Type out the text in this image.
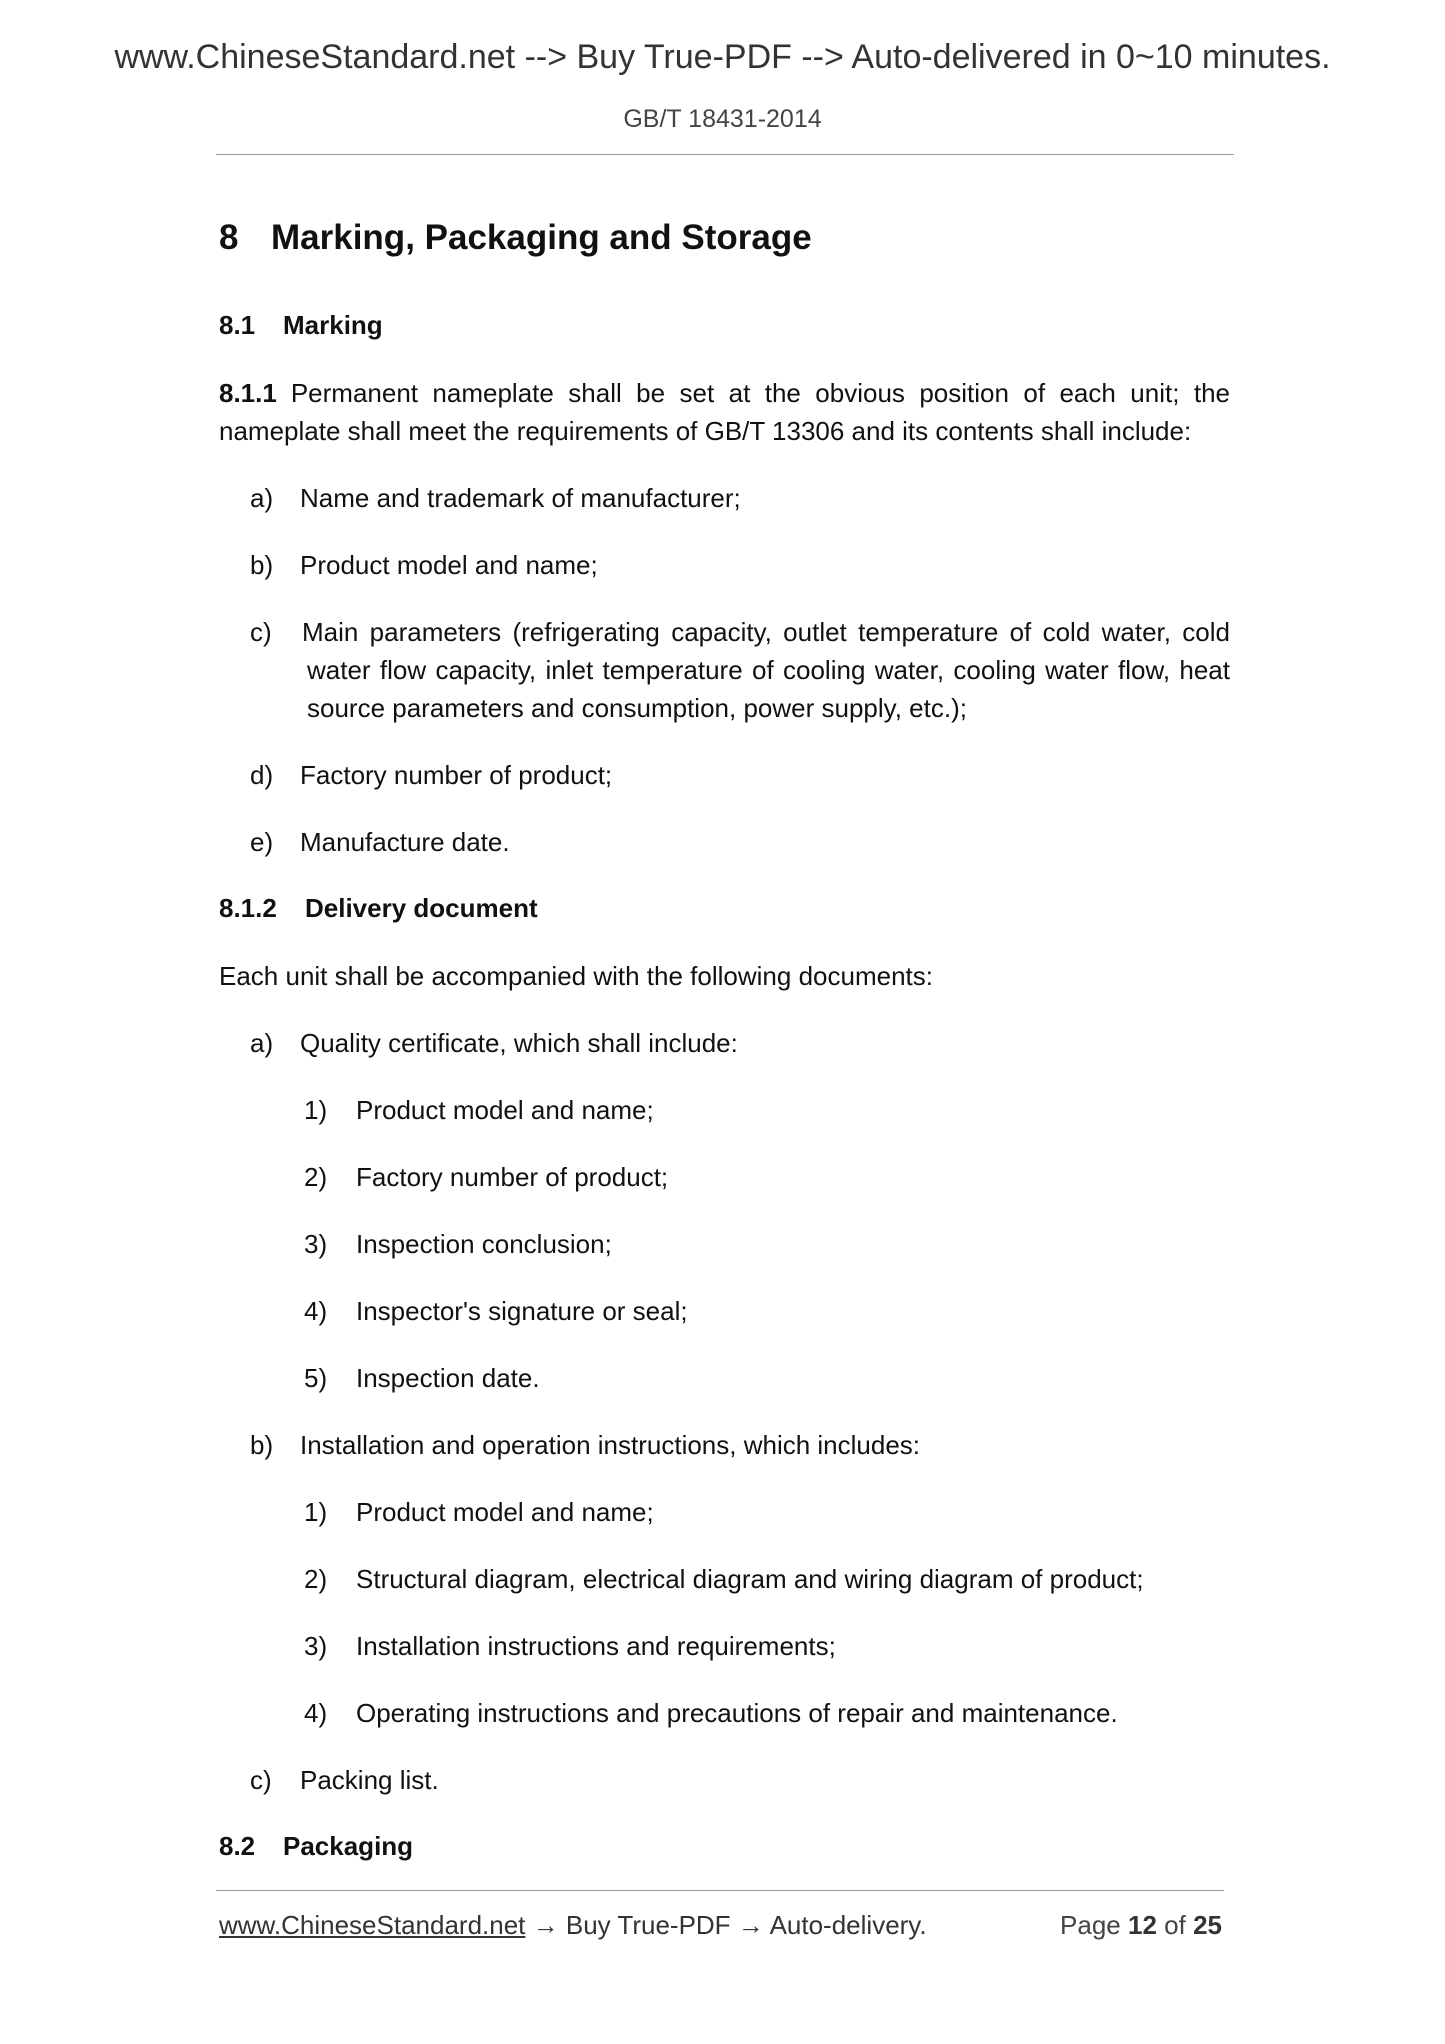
www.ChineseStandard.net --> Buy True-PDF --> Auto-delivered in 0~10 minutes.
GB/T 18431-2014
8 Marking, Packaging and Storage
8.1 Marking
8.1.1 Permanent nameplate shall be set at the obvious position of each unit; the nameplate shall meet the requirements of GB/T 13306 and its contents shall include:
a) Name and trademark of manufacturer;
b) Product model and name;
c) Main parameters (refrigerating capacity, outlet temperature of cold water, cold water flow capacity, inlet temperature of cooling water, cooling water flow, heat source parameters and consumption, power supply, etc.);
d) Factory number of product;
e) Manufacture date.
8.1.2 Delivery document
Each unit shall be accompanied with the following documents:
a) Quality certificate, which shall include:
1) Product model and name;
2) Factory number of product;
3) Inspection conclusion;
4) Inspector's signature or seal;
5) Inspection date.
b) Installation and operation instructions, which includes:
1) Product model and name;
2) Structural diagram, electrical diagram and wiring diagram of product;
3) Installation instructions and requirements;
4) Operating instructions and precautions of repair and maintenance.
c) Packing list.
8.2 Packaging
www.ChineseStandard.net → Buy True-PDF → Auto-delivery.	Page 12 of 25
